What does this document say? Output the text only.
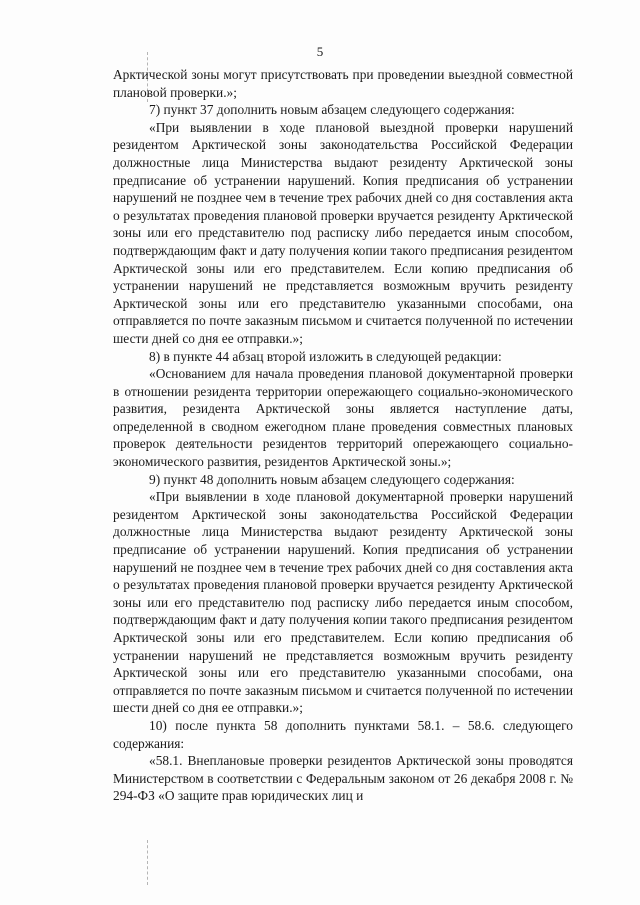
5

Арктической зоны могут присутствовать при проведении выездной совместной плановой проверки.»;

7) пункт 37 дополнить новым абзацем следующего содержания:

«При выявлении в ходе плановой выездной проверки нарушений резидентом Арктической зоны законодательства Российской Федерации должностные лица Министерства выдают резиденту Арктической зоны предписание об устранении нарушений. Копия предписания об устранении нарушений не позднее чем в течение трех рабочих дней со дня составления акта о результатах проведения плановой проверки вручается резиденту Арктической зоны или его представителю под расписку либо передается иным способом, подтверждающим факт и дату получения копии такого предписания резидентом Арктической зоны или его представителем. Если копию предписания об устранении нарушений не представляется возможным вручить резиденту Арктической зоны или его представителю указанными способами, она отправляется по почте заказным письмом и считается полученной по истечении шести дней со дня ее отправки.»;

8) в пункте 44 абзац второй изложить в следующей редакции:

«Основанием для начала проведения плановой документарной проверки в отношении резидента территории опережающего социально-экономического развития, резидента Арктической зоны является наступление даты, определенной в сводном ежегодном плане проведения совместных плановых проверок деятельности резидентов территорий опережающего социально-экономического развития, резидентов Арктической зоны.»;

9) пункт 48 дополнить новым абзацем следующего содержания:

«При выявлении в ходе плановой документарной проверки нарушений резидентом Арктической зоны законодательства Российской Федерации должностные лица Министерства выдают резиденту Арктической зоны предписание об устранении нарушений. Копия предписания об устранении нарушений не позднее чем в течение трех рабочих дней со дня составления акта о результатах проведения плановой проверки вручается резиденту Арктической зоны или его представителю под расписку либо передается иным способом, подтверждающим факт и дату получения копии такого предписания резидентом Арктической зоны или его представителем. Если копию предписания об устранении нарушений не представляется возможным вручить резиденту Арктической зоны или его представителю указанными способами, она отправляется по почте заказным письмом и считается полученной по истечении шести дней со дня ее отправки.»;

10) после пункта 58 дополнить пунктами 58.1. – 58.6. следующего содержания:

«58.1. Внеплановые проверки резидентов Арктической зоны проводятся Министерством в соответствии с Федеральным законом от 26 декабря 2008 г. № 294-ФЗ «О защите прав юридических лиц и
